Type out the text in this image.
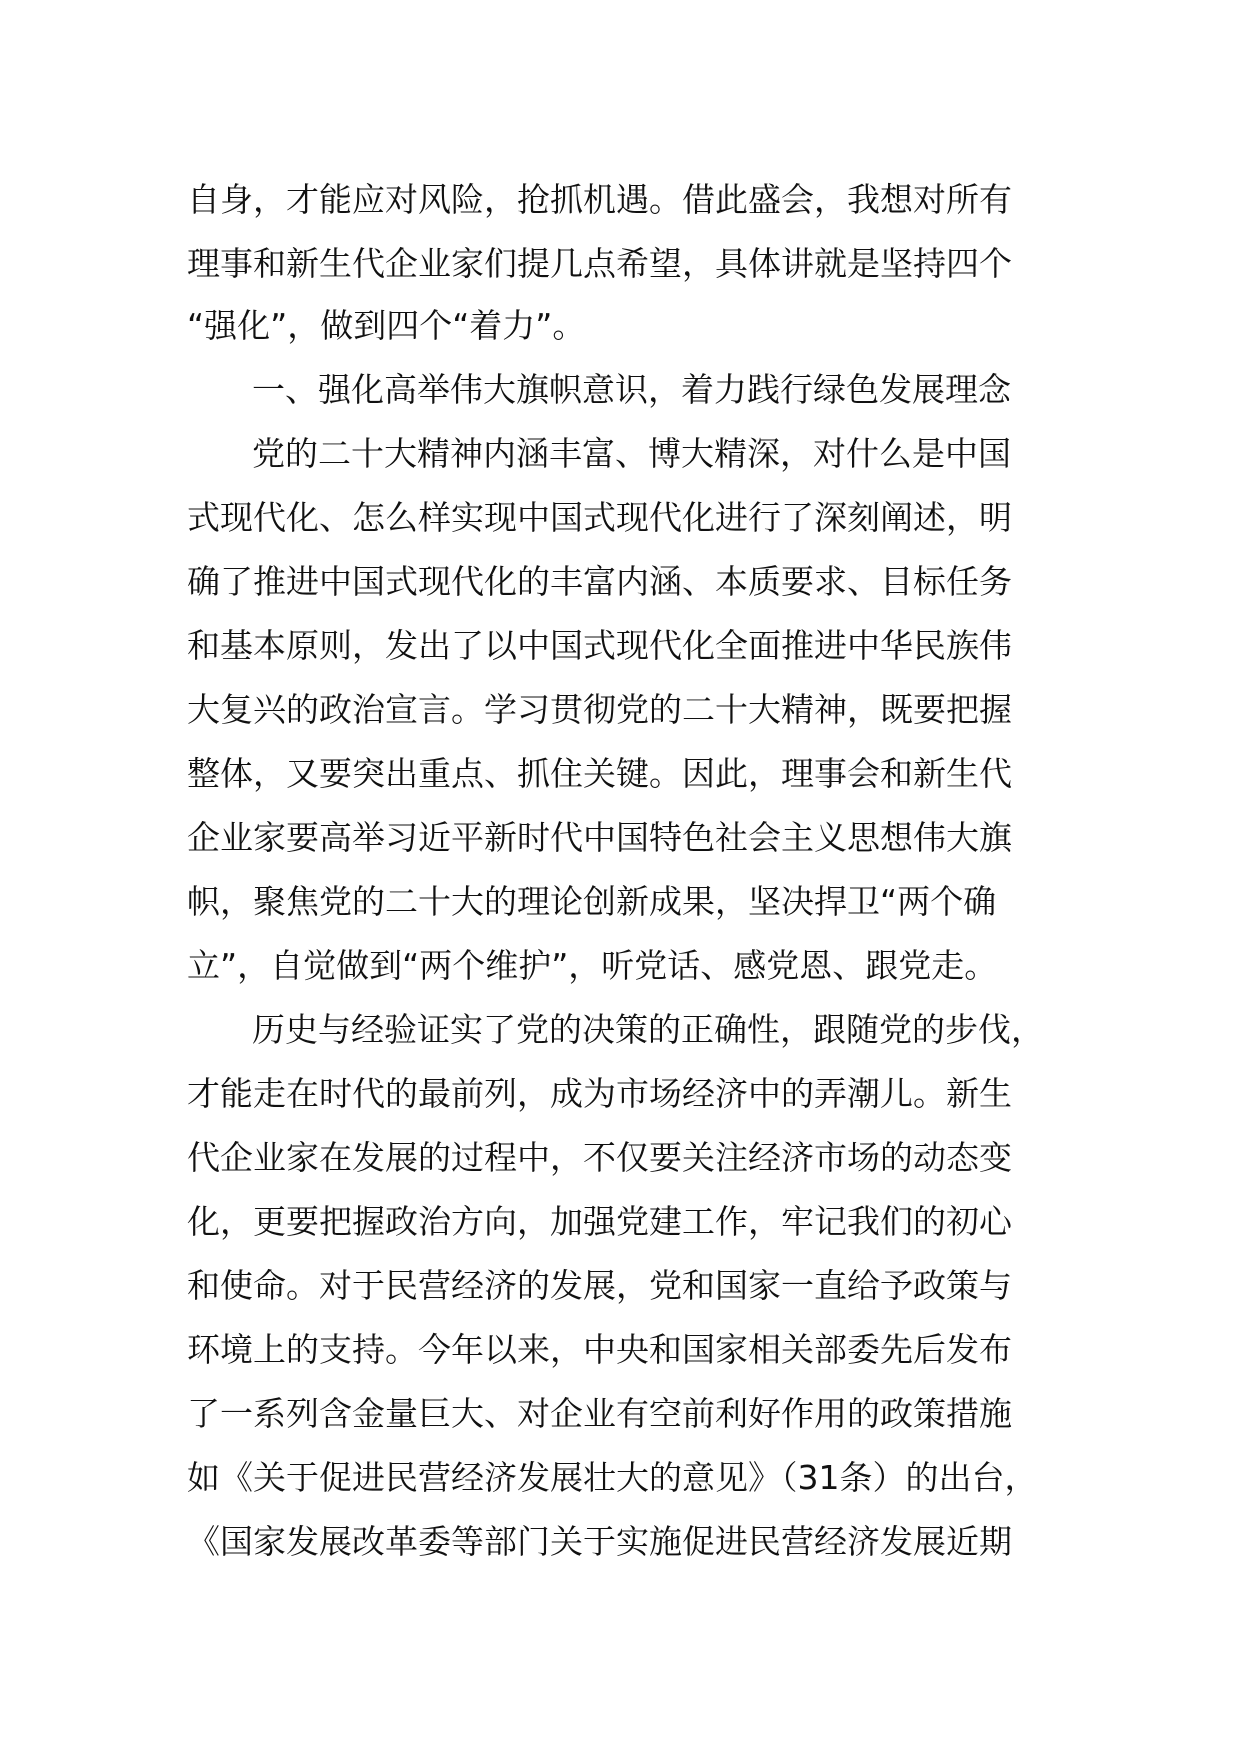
自身，才能应对风险，抢抓机遇。借此盛会，我想对所有
理事和新生代企业家们提几点希望，具体讲就是坚持四个
“强化”，做到四个“着力”。
一、强化高举伟大旗帜意识，着力践行绿色发展理念
党的二十大精神内涵丰富、博大精深，对什么是中国
式现代化、怎么样实现中国式现代化进行了深刻阐述，明
确了推进中国式现代化的丰富内涵、本质要求、目标任务
和基本原则，发出了以中国式现代化全面推进中华民族伟
大复兴的政治宣言。学习贯彻党的二十大精神，既要把握
整体，又要突出重点、抓住关键。因此，理事会和新生代
企业家要高举习近平新时代中国特色社会主义思想伟大旗
帜，聚焦党的二十大的理论创新成果，坚决捍卫“两个确
立”，自觉做到“两个维护”，听党话、感党恩、跟党走。
历史与经验证实了党的决策的正确性，跟随党的步伐，
才能走在时代的最前列，成为市场经济中的弄潮儿。新生
代企业家在发展的过程中，不仅要关注经济市场的动态变
化，更要把握政治方向，加强党建工作，牢记我们的初心
和使命。对于民营经济的发展，党和国家一直给予政策与
环境上的支持。今年以来，中央和国家相关部委先后发布
了一系列含金量巨大、对企业有空前利好作用的政策措施
如《关于促进民营经济发展壮大的意见》（31条）的出台，
《国家发展改革委等部门关于实施促进民营经济发展近期
